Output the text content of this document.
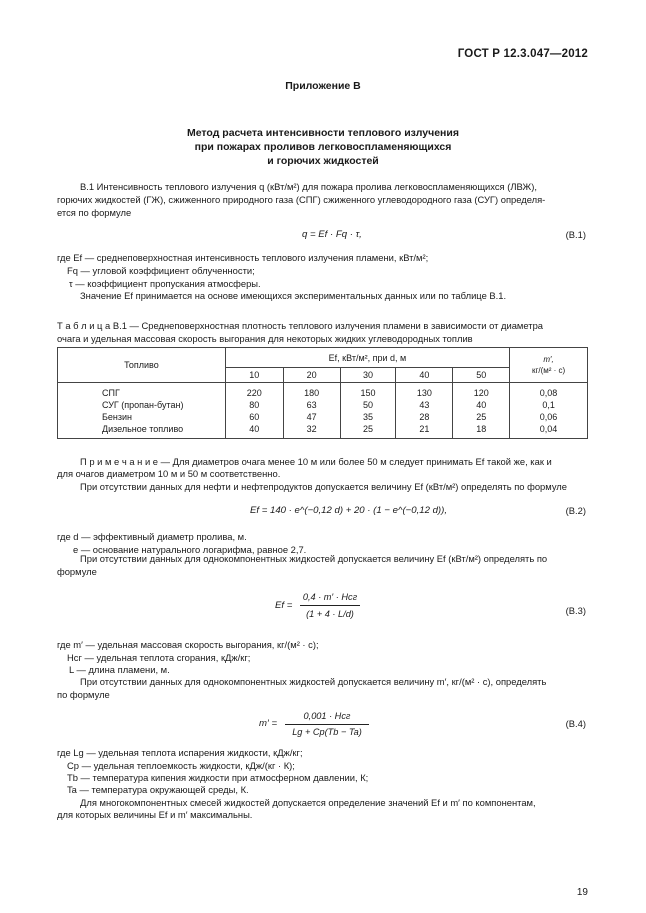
ГОСТ Р 12.3.047—2012
Приложение В
Метод расчета интенсивности теплового излучения
при пожарах проливов легковоспламеняющихся
и горючих жидкостей
В.1 Интенсивность теплового излучения q (кВт/м²) для пожара пролива легковоспламеняющихся (ЛВЖ),
горючих жидкостей (ГЖ), сжиженного природного газа (СПГ) сжиженного углеводородного газа (СУГ) определя-
ется по формуле
q = Ef · Fq · τ,	(В.1)
где Ef — среднеповерхностная интенсивность теплового излучения пламени, кВт/м²;
Fq — угловой коэффициент облученности;
τ — коэффициент пропускания атмосферы.
Значение Ef принимается на основе имеющихся экспериментальных данных или по таблице В.1.
Т а б л и ц а В.1 — Среднеповерхностная плотность теплового излучения пламени в зависимости от диаметра
очага и удельная массовая скорость выгорания для некоторых жидких углеводородных топлив
Топливо	Ef, кВт/м², при d, м					m′,
кг/(м² · с)
	10	20	30	40	50	
СПГ	220	180	150	130	120	0,08
СУГ (пропан-бутан)	80	63	50	43	40	0,1
Бензин	60	47	35	28	25	0,06
Дизельное топливо	40	32	25	21	18	0,04
П р и м е ч а н и е — Для диаметров очага менее 10 м или более 50 м следует принимать Ef такой же, как и
для очагов диаметром 10 м и 50 м соответственно.
При отсутствии данных для нефти и нефтепродуктов допускается величину Ef (кВт/м²) определять по формуле
Ef = 140 · e^(−0,12 d) + 20 · (1 − e^(−0,12 d)),	(В.2)
где d — эффективный диаметр пролива, м.
e — основание натурального логарифма, равное 2,7.
При отсутствии данных для однокомпонентных жидкостей допускается величину Ef (кВт/м²) определять по
формуле
Ef =
0,4 · m′ · Hсг
(1 + 4 · L/d)	(В.3)
где m′ — удельная массовая скорость выгорания, кг/(м² · с);
Hсг — удельная теплота сгорания, кДж/кг;
L — длина пламени, м.
При отсутствии данных для однокомпонентных жидкостей допускается величину m′, кг/(м² · с), определять
по формуле
m′ =
0,001 · Hсг
Lg + Cp(Tb − Ta)
(В.4)
где Lg — удельная теплота испарения жидкости, кДж/кг;
Cp — удельная теплоемкость жидкости, кДж/(кг · К);
Tb — температура кипения жидкости при атмосферном давлении, К;
Ta — температура окружающей среды, К.
Для многокомпонентных смесей жидкостей допускается определение значений Ef и m′ по компонентам,
для которых величины Ef и m′ максимальны.
19
